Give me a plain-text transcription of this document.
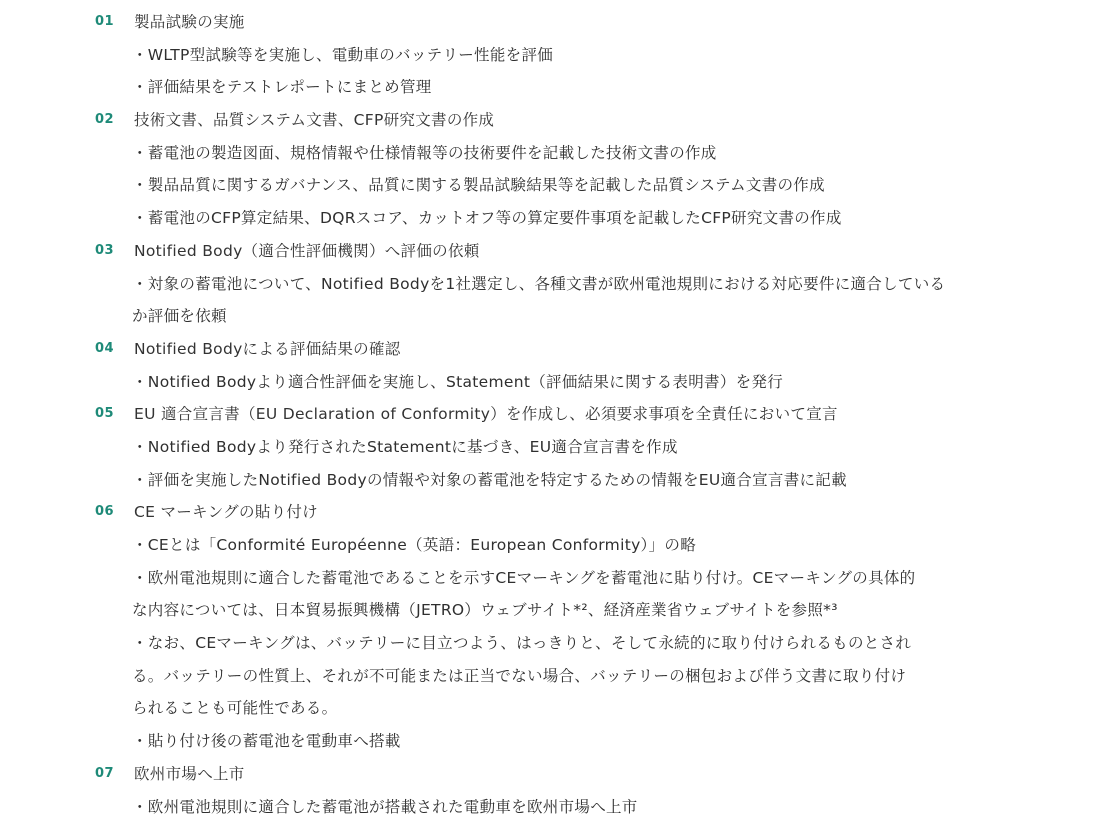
01	製品試験の実施
・WLTP型試験等を実施し、電動車のバッテリー性能を評価
・評価結果をテストレポートにまとめ管理
02	技術文書、品質システム文書、CFP研究文書の作成
・蓄電池の製造図面、規格情報や仕様情報等の技術要件を記載した技術文書の作成
・製品品質に関するガバナンス、品質に関する製品試験結果等を記載した品質システム文書の作成
・蓄電池のCFP算定結果、DQRスコア、カットオフ等の算定要件事項を記載したCFP研究文書の作成
03	Notified Body（適合性評価機関）へ評価の依頼
・対象の蓄電池について、Notified Bodyを1社選定し、各種文書が欧州電池規則における対応要件に適合している
か評価を依頼
04	Notified Bodyによる評価結果の確認
・Notified Bodyより適合性評価を実施し、Statement（評価結果に関する表明書）を発行
05	EU 適合宣言書（EU Declaration of Conformity）を作成し、必須要求事項を全責任において宣言
・Notified Bodyより発行されたStatementに基づき、EU適合宣言書を作成
・評価を実施したNotified Bodyの情報や対象の蓄電池を特定するための情報をEU適合宣言書に記載
06	CE マーキングの貼り付け
・CEとは「Conformité Européenne（英語：European Conformity）」の略
・欧州電池規則に適合した蓄電池であることを示すCEマーキングを蓄電池に貼り付け。CEマーキングの具体的
な内容については、日本貿易振興機構（JETRO）ウェブサイト*²、経済産業省ウェブサイトを参照*³
・なお、CEマーキングは、バッテリーに目立つよう、はっきりと、そして永続的に取り付けられるものとされ
る。バッテリーの性質上、それが不可能または正当でない場合、バッテリーの梱包および伴う文書に取り付け
られることも可能性である。
・貼り付け後の蓄電池を電動車へ搭載
07	欧州市場へ上市
・欧州電池規則に適合した蓄電池が搭載された電動車を欧州市場へ上市
